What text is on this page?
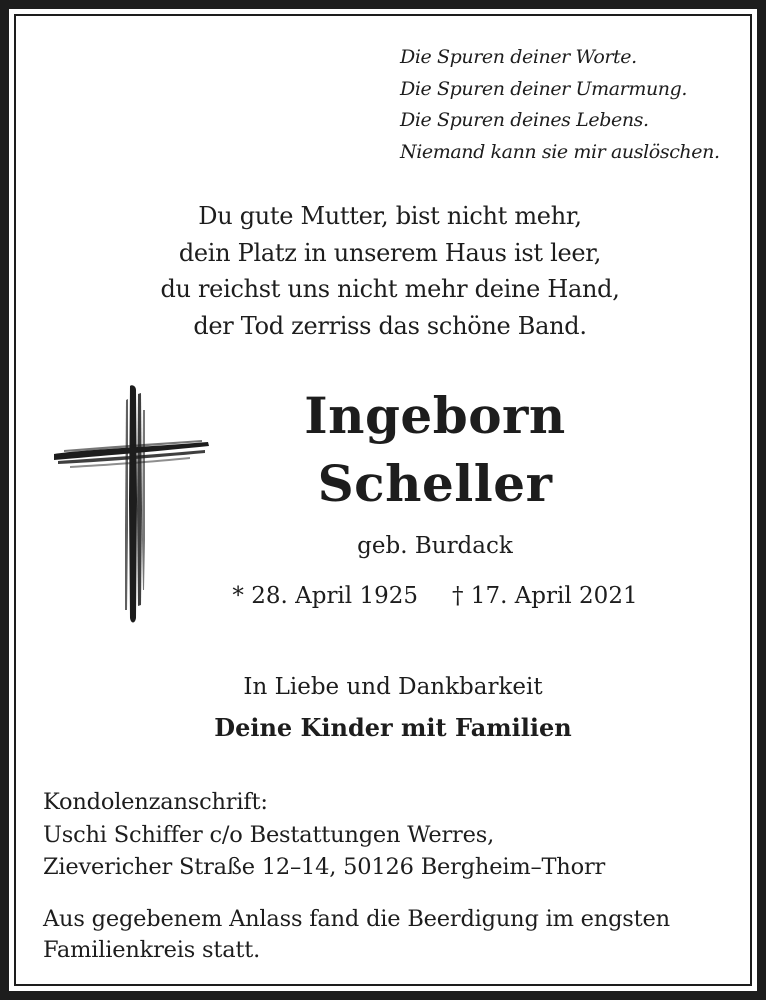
Die Spuren deiner Worte.
Die Spuren deiner Umarmung.
Die Spuren deines Lebens.
Niemand kann sie mir auslöschen.
Du gute Mutter, bist nicht mehr,
dein Platz in unserem Haus ist leer,
du reichst uns nicht mehr deine Hand,
der Tod zerriss das schöne Band.
Ingeborn
Scheller
geb. Burdack
* 28. April 1925 † 17. April 2021
In Liebe und Dankbarkeit
Deine Kinder mit Familien
Kondolenzanschrift:
Uschi Schiffer c/o Bestattungen Werres,
Zievericher Straße 12–14, 50126 Bergheim–Thorr
Aus gegebenem Anlass fand die Beerdigung im engsten
Familienkreis statt.
